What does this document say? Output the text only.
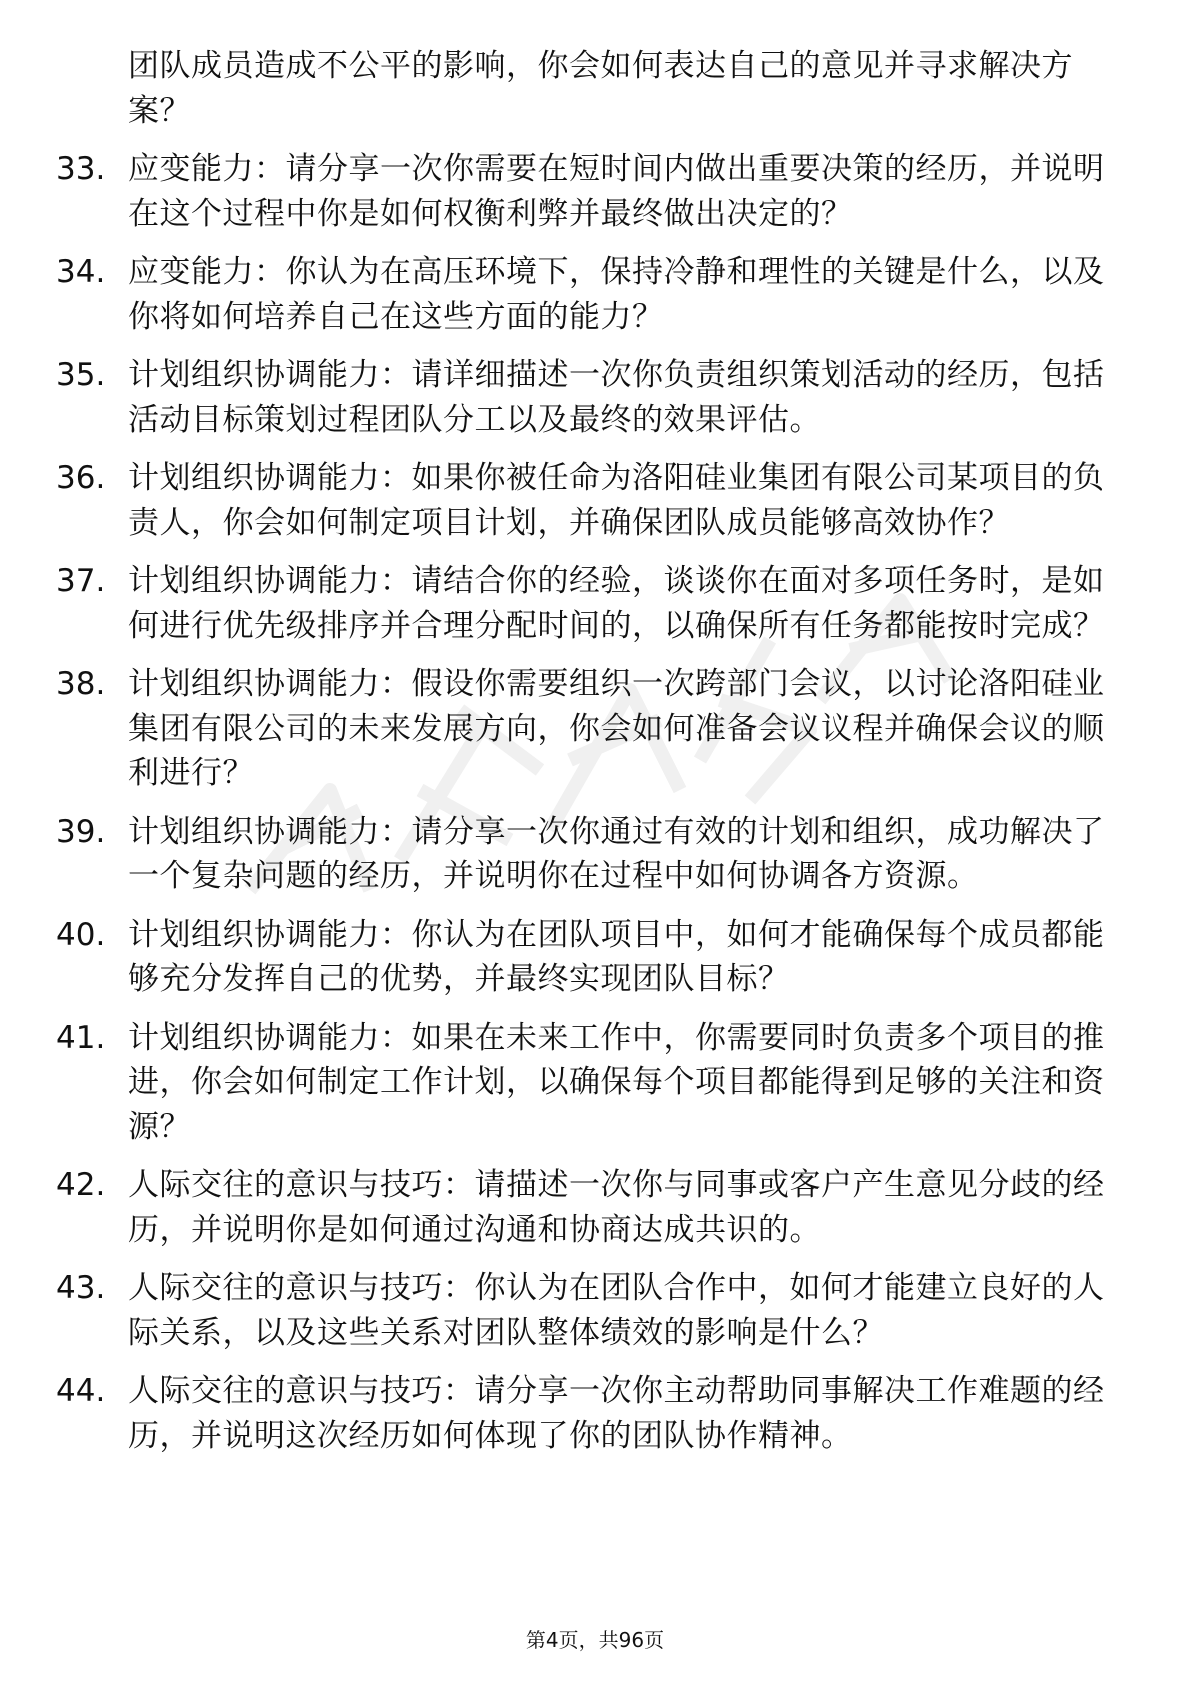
团队成员造成不公平的影响，你会如何表达自己的意见并寻求解决方案？
33. 应变能力：请分享一次你需要在短时间内做出重要决策的经历，并说明在这个过程中你是如何权衡利弊并最终做出决定的？
34. 应变能力：你认为在高压环境下，保持冷静和理性的关键是什么，以及你将如何培养自己在这些方面的能力？
35. 计划组织协调能力：请详细描述一次你负责组织策划活动的经历，包括活动目标策划过程团队分工以及最终的效果评估。
36. 计划组织协调能力：如果你被任命为洛阳硅业集团有限公司某项目的负责人，你会如何制定项目计划，并确保团队成员能够高效协作？
37. 计划组织协调能力：请结合你的经验，谈谈你在面对多项任务时，是如何进行优先级排序并合理分配时间的，以确保所有任务都能按时完成？
38. 计划组织协调能力：假设你需要组织一次跨部门会议，以讨论洛阳硅业集团有限公司的未来发展方向，你会如何准备会议议程并确保会议的顺利进行？
39. 计划组织协调能力：请分享一次你通过有效的计划和组织，成功解决了一个复杂问题的经历，并说明你在过程中如何协调各方资源。
40. 计划组织协调能力：你认为在团队项目中，如何才能确保每个成员都能够充分发挥自己的优势，并最终实现团队目标？
41. 计划组织协调能力：如果在未来工作中，你需要同时负责多个项目的推进，你会如何制定工作计划，以确保每个项目都能得到足够的关注和资源？
42. 人际交往的意识与技巧：请描述一次你与同事或客户产生意见分歧的经历，并说明你是如何通过沟通和协商达成共识的。
43. 人际交往的意识与技巧：你认为在团队合作中，如何才能建立良好的人际关系，以及这些关系对团队整体绩效的影响是什么？
44. 人际交往的意识与技巧：请分享一次你主动帮助同事解决工作难题的经历，并说明这次经历如何体现了你的团队协作精神。
第4页，共96页
